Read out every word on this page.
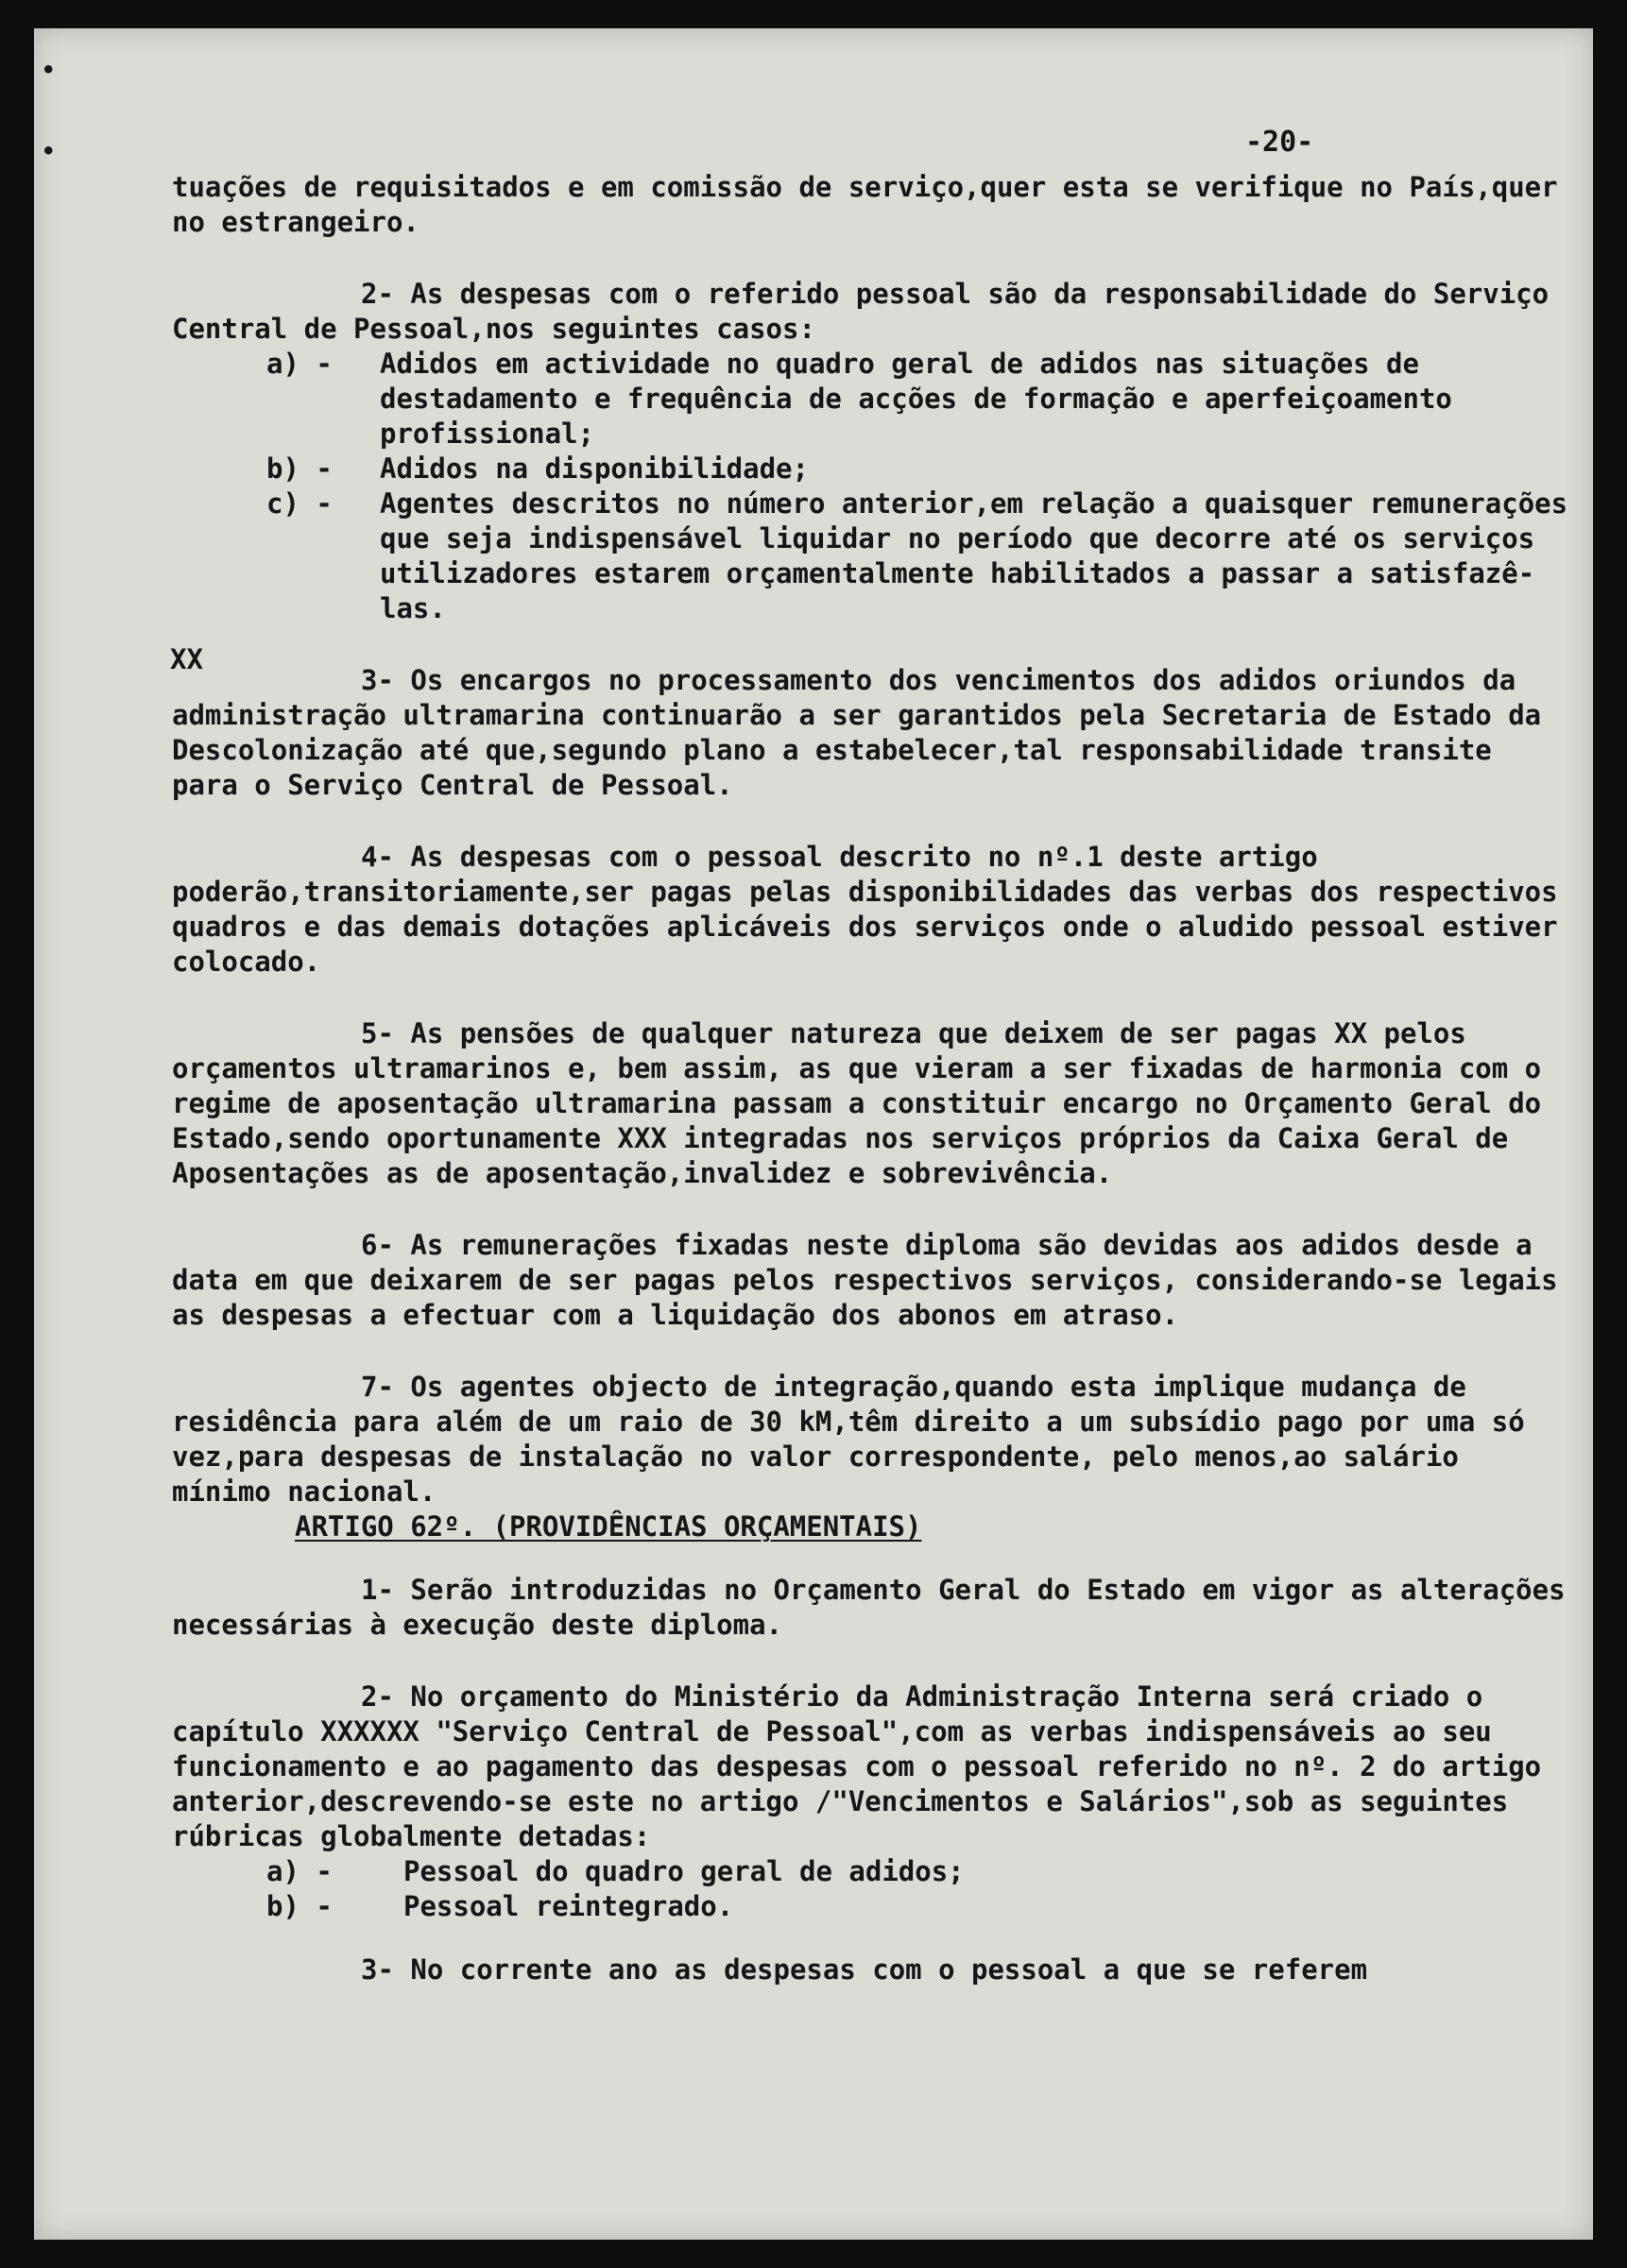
•
•	-20-
XX

tuações de requisitados e em comissão de serviço,quer esta se verifique no País,quer no estrangeiro.

2- As despesas com o referido pessoal são da responsabilidade do Serviço Central de Pessoal,nos seguintes casos:

a) -	Adidos em actividade no quadro geral de adidos nas situações de destadamento e frequência de acções de formação e aperfeiçoamento profissional;
b) -	Adidos na disponibilidade;
c) -	Agentes descritos no número anterior,em relação a quaisquer remunerações que seja indispensável liquidar no período que decorre até os serviços utilizadores estarem orçamentalmente habilitados a passar a satisfazê-las.

3- Os encargos no processamento dos vencimentos dos adidos oriundos da administração ultramarina continuarão a ser garantidos pela Secretaria de Estado da Descolonização até que,segundo plano a estabelecer,tal responsabilidade transite para o Serviço Central de Pessoal.

4- As despesas com o pessoal descrito no nº.1 deste artigo poderão,transitoriamente,ser pagas pelas disponibilidades das verbas dos respectivos quadros e das demais dotações aplicáveis dos serviços onde o aludido pessoal estiver colocado.

5- As pensões de qualquer natureza que deixem de ser pagas XX pelos orçamentos ultramarinos e, bem assim, as que vieram a ser fixadas de harmonia com o regime de aposentação ultramarina passam a constituir encargo no Orçamento Geral do Estado,sendo oportunamente XXX integradas nos serviços próprios da Caixa Geral de Aposentações as de aposentação,invalidez e sobrevivência.

6- As remunerações fixadas neste diploma são devidas aos adidos desde a data em que deixarem de ser pagas pelos respectivos serviços, considerando-se legais as despesas a efectuar com a liquidação dos abonos em atraso.

7- Os agentes objecto de integração,quando esta implique mudança de residência para além de um raio de 30 kM,têm direito a um subsídio pago por uma só vez,para despesas de instalação no valor correspondente, pelo menos,ao salário mínimo nacional.

ARTIGO 62º. (PROVIDÊNCIAS ORÇAMENTAIS)

1- Serão introduzidas no Orçamento Geral do Estado em vigor as alterações necessárias à execução deste diploma.

2- No orçamento do Ministério da Administração Interna será criado o capítulo XXXXXX "Serviço Central de Pessoal",com as verbas indispensáveis ao seu funcionamento e ao pagamento das despesas com o pessoal referido no nº. 2 do artigo anterior,descrevendo-se este no artigo /"Vencimentos e Salários",sob as seguintes rúbricas globalmente detadas:

a) -	Pessoal do quadro geral de adidos;
b) -	Pessoal reintegrado.

3- No corrente ano as despesas com o pessoal a que se referem
